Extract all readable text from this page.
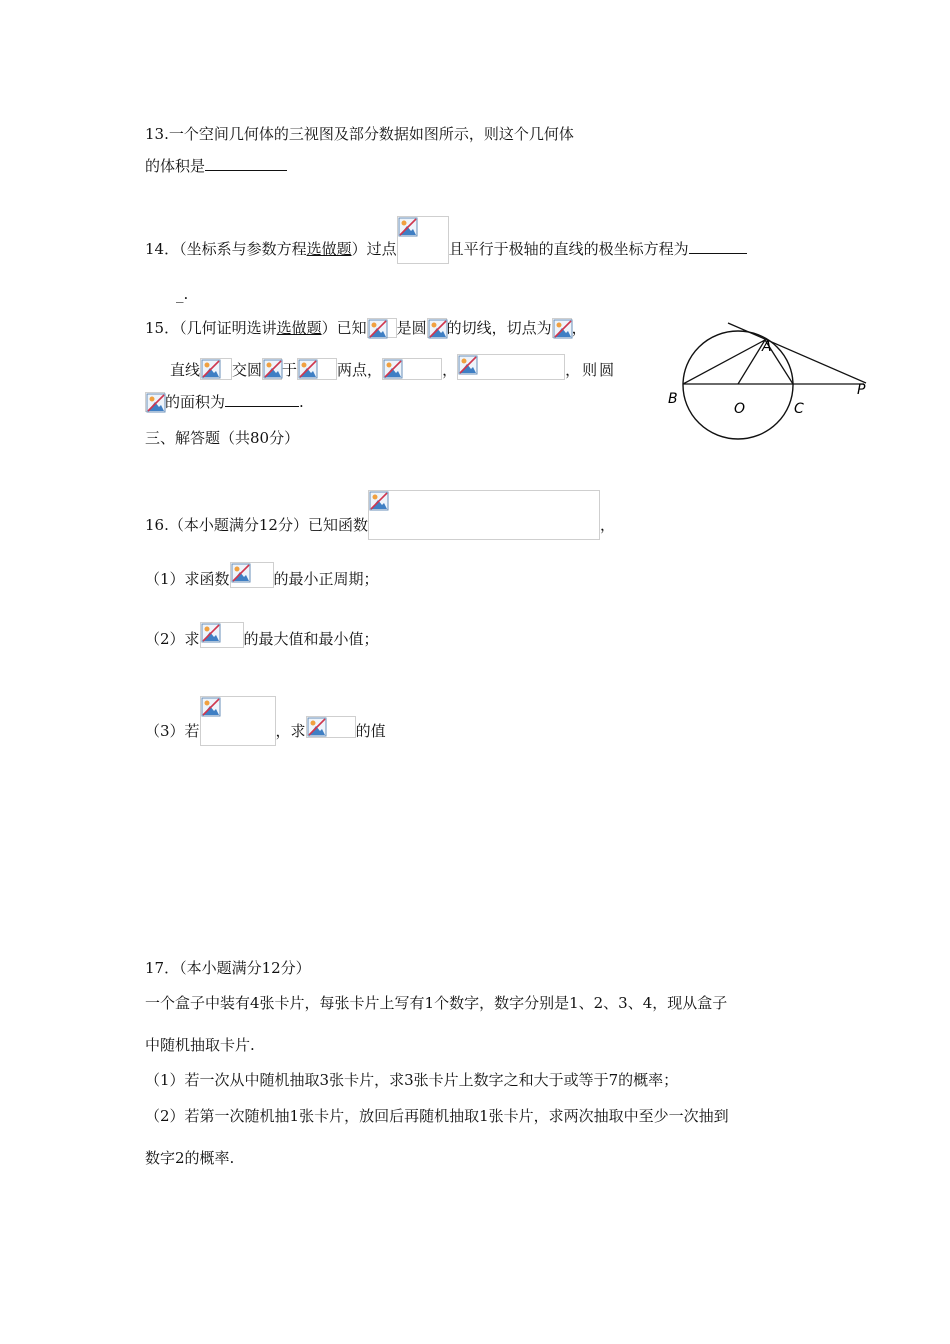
13.一个空间几何体的三视图及部分数据如图所示，则这个几何体
的体积是
14．（坐标系与参数方程选做题）过点	且平行于极轴的直线的极坐标方程为
_.
15．（几何证明选讲选做题）已知 是圆 的切线，切点为 ，
直线 交圆 于	两点，	，	，则圆
的面积为	.
A
B
O	C
P
三、解答题（共80分）
16.（本小题满分12分）已知函数	，
（1）求函数	的最小正周期；
（2）求	的最大值和最小值；
（3）若	，求	的值
17．（本小题满分12分）
一个盒子中装有4张卡片，每张卡片上写有1个数字，数字分别是1、2、3、4，现从盒子
中随机抽取卡片.
（1）若一次从中随机抽取3张卡片，求3张卡片上数字之和大于或等于7的概率；
（2）若第一次随机抽1张卡片，放回后再随机抽取1张卡片，求两次抽取中至少一次抽到
数字2的概率.
